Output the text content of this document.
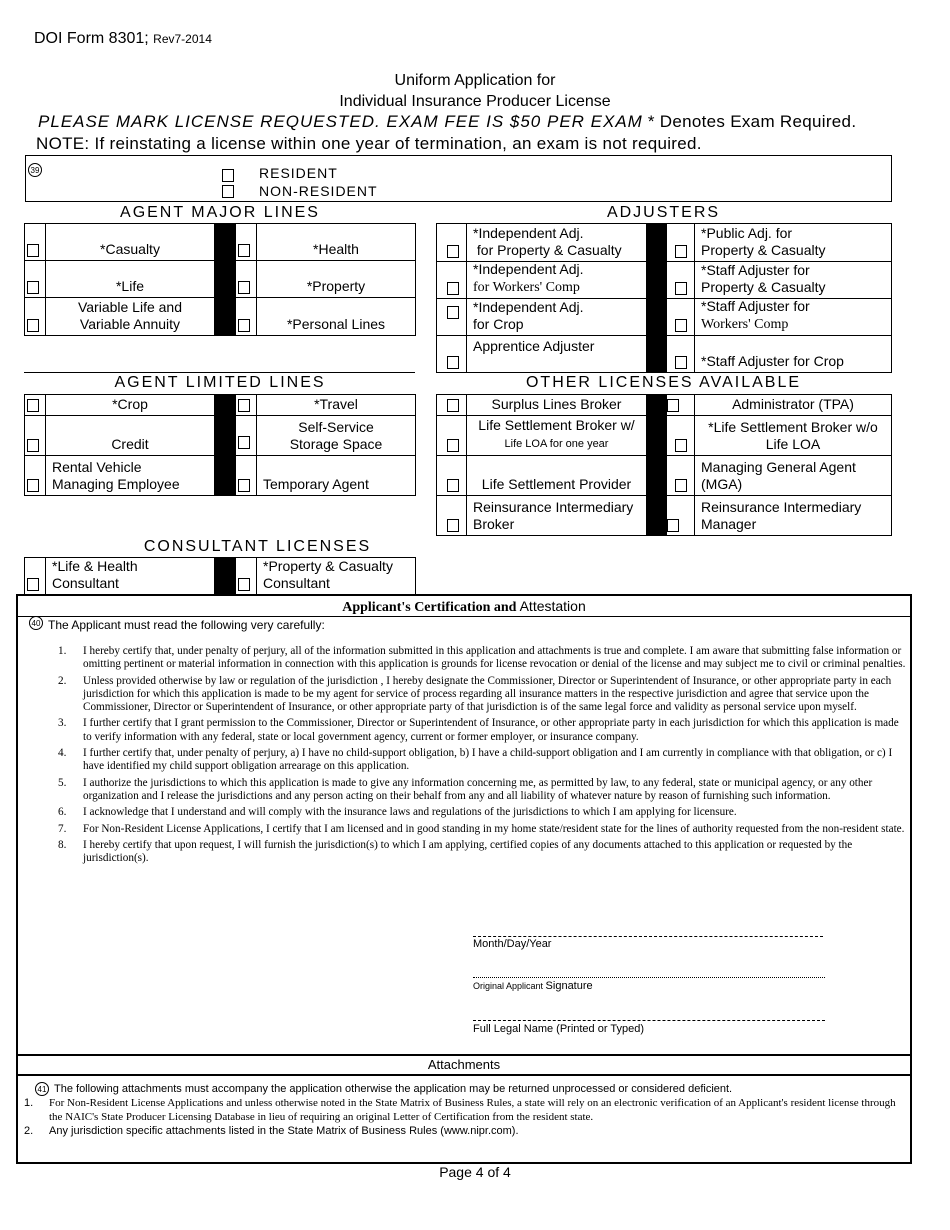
DOI Form 8301; Rev7-2014
Uniform Application for
Individual Insurance Producer License
PLEASE MARK LICENSE REQUESTED. EXAM FEE IS $50 PER EXAM * Denotes Exam Required.
NOTE: If reinstating a license within one year of termination, an exam is not required.
39	RESIDENT
NON-RESIDENT
AGENT MAJOR LINES

	*Casualty			*Health

	*Life			*Property

	Variable Life and
Variable Annuity			*Personal Lines
ADJUSTERS

	*Independent Adj.
for Property & Casualty			*Public Adj. for
Property & Casualty

	*Independent Adj.
for Workers' Comp			*Staff Adjuster for
Property & Casualty

	*Independent Adj.
for Crop			*Staff Adjuster for
Workers' Comp

	Apprentice Adjuster			*Staff Adjuster for Crop
AGENT LIMITED LINES

	*Crop			*Travel

	Credit			Self-Service
Storage Space

	Rental Vehicle
Managing Employee			Temporary Agent
OTHER LICENSES AVAILABLE

	Surplus Lines Broker			Administrator (TPA)

	Life Settlement Broker w/
Life LOA for one year			*Life Settlement Broker w/o
Life LOA

	Life Settlement Provider			Managing General Agent
(MGA)

	Reinsurance Intermediary
Broker			Reinsurance Intermediary
Manager
CONSULTANT LICENSES

*Life & Health
Consultant

*Property & Casualty
Consultant
Applicant's Certification and Attestation
40 The Applicant must read the following very carefully:
1.	I hereby certify that, under penalty of perjury, all of the information submitted in this application and attachments is true and complete. I am aware that submitting false information or omitting pertinent or material information in connection with this application is grounds for license revocation or denial of the license and may subject me to civil or criminal penalties.
2.	Unless provided otherwise by law or regulation of the jurisdiction , I hereby designate the Commissioner, Director or Superintendent of Insurance, or other appropriate party in each jurisdiction for which this application is made to be my agent for service of process regarding all insurance matters in the respective jurisdiction and agree that service upon the Commissioner, Director or Superintendent of Insurance, or other appropriate party of that jurisdiction is of the same legal force and validity as personal service upon myself.
3.	I further certify that I grant permission to the Commissioner, Director or Superintendent of Insurance, or other appropriate party in each jurisdiction for which this application is made to verify information with any federal, state or local government agency, current or former employer, or insurance company.
4.	I further certify that, under penalty of perjury, a) I have no child-support obligation, b) I have a child-support obligation and I am currently in compliance with that obligation, or c) I have identified my child support obligation arrearage on this application.
5.	I authorize the jurisdictions to which this application is made to give any information concerning me, as permitted by law, to any federal, state or municipal agency, or any other organization and I release the jurisdictions and any person acting on their behalf from any and all liability of whatever nature by reason of furnishing such information.
6.	I acknowledge that I understand and will comply with the insurance laws and regulations of the jurisdictions to which I am applying for licensure.
7.	For Non-Resident License Applications, I certify that I am licensed and in good standing in my home state/resident state for the lines of authority requested from the non-resident state.
8.	I hereby certify that upon request, I will furnish the jurisdiction(s) to which I am applying, certified copies of any documents attached to this application or requested by the jurisdiction(s).
Month/Day/Year
Original Applicant Signature
Full Legal Name (Printed or Typed)
Attachments
41 The following attachments must accompany the application otherwise the application may be returned unprocessed or considered deficient.
1.	For Non-Resident License Applications and unless otherwise noted in the State Matrix of Business Rules, a state will rely on an electronic verification of an Applicant's resident license through the NAIC's State Producer Licensing Database in lieu of requiring an original Letter of Certification from the resident state.
2.	Any jurisdiction specific attachments listed in the State Matrix of Business Rules (www.nipr.com).
Page 4 of 4
